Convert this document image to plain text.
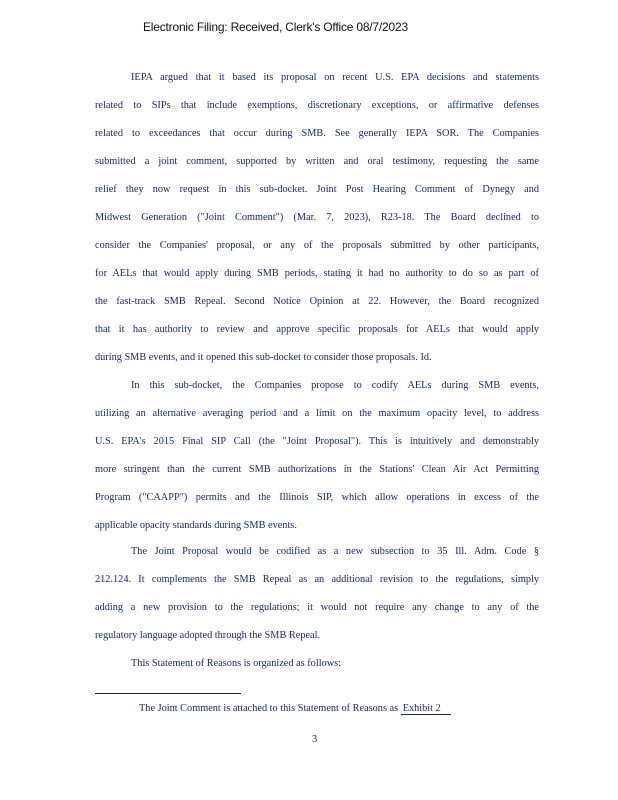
Electronic Filing: Received, Clerk's Office 08/7/2023
IEPA argued that it based its proposal on recent U.S. EPA decisions and statements
related to SIPs that include exemptions, discretionary exceptions, or affirmative defenses
related to exceedances that occur during SMB. See generally IEPA SOR. The Companies
submitted a joint comment, supported by written and oral testimony, requesting the same
relief they now request in this sub-docket. Joint Post Hearing Comment of Dynegy and
Midwest Generation ("Joint Comment") (Mar. 7, 2023), R23-18. The Board declined to
consider the Companies' proposal, or any of the proposals submitted by other participants,
for AELs that would apply during SMB periods, stating it had no authority to do so as part of
the fast-track SMB Repeal. Second Notice Opinion at 22. However, the Board recognized
that it has authority to review and approve specific proposals for AELs that would apply
during SMB events, and it opened this sub-docket to consider those proposals. Id.
In this sub-docket, the Companies propose to codify AELs during SMB events,
utilizing an alternative averaging period and a limit on the maximum opacity level, to address
U.S. EPA's 2015 Final SIP Call (the "Joint Proposal"). This is intuitively and demonstrably
more stringent than the current SMB authorizations in the Stations' Clean Air Act Permitting
Program ("CAAPP") permits and the Illinois SIP, which allow operations in excess of the
applicable opacity standards during SMB events.
The Joint Proposal would be codified as a new subsection to 35 Ill. Adm. Code §
212.124. It complements the SMB Repeal as an additional revision to the regulations, simply
adding a new provision to the regulations; it would not require any change to any of the
regulatory language adopted through the SMB Repeal.
This Statement of Reasons is organized as follows:
The Joint Comment is attached to this Statement of Reasons as Exhibit 2
3
